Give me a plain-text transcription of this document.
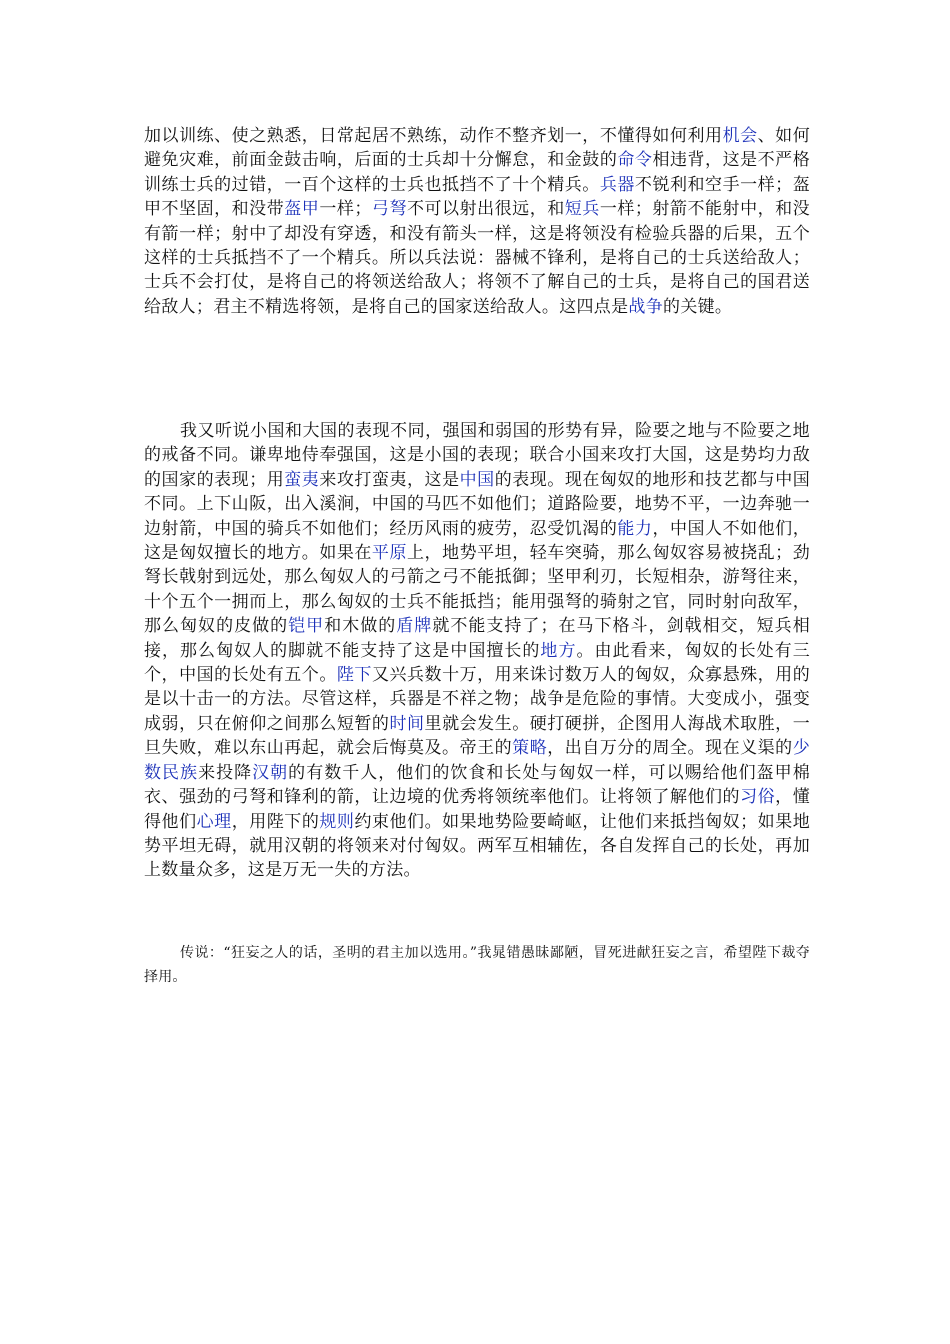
加以训练、使之熟悉，日常起居不熟练，动作不整齐划一，不懂得如何利用机会、如何避免灾难，前面金鼓击响，后面的士兵却十分懈怠，和金鼓的命令相违背，这是不严格训练士兵的过错，一百个这样的士兵也抵挡不了十个精兵。兵器不锐利和空手一样；盔甲不坚固，和没带盔甲一样；弓弩不可以射出很远，和短兵一样；射箭不能射中，和没有箭一样；射中了却没有穿透，和没有箭头一样，这是将领没有检验兵器的后果，五个这样的士兵抵挡不了一个精兵。所以兵法说：器械不锋利，是将自己的士兵送给敌人；士兵不会打仗，是将自己的将领送给敌人；将领不了解自己的士兵，是将自己的国君送给敌人；君主不精选将领，是将自己的国家送给敌人。这四点是战争的关键。

我又听说小国和大国的表现不同，强国和弱国的形势有异，险要之地与不险要之地的戒备不同。谦卑地侍奉强国，这是小国的表现；联合小国来攻打大国，这是势均力敌的国家的表现；用蛮夷来攻打蛮夷，这是中国的表现。现在匈奴的地形和技艺都与中国不同。上下山阪，出入溪涧，中国的马匹不如他们；道路险要，地势不平，一边奔驰一边射箭，中国的骑兵不如他们；经历风雨的疲劳，忍受饥渴的能力，中国人不如他们，这是匈奴擅长的地方。如果在平原上，地势平坦，轻车突骑，那么匈奴容易被挠乱；劲弩长戟射到远处，那么匈奴人的弓箭之弓不能抵御；坚甲利刃，长短相杂，游弩往来，十个五个一拥而上，那么匈奴的士兵不能抵挡；能用强弩的骑射之官，同时射向敌军，那么匈奴的皮做的铠甲和木做的盾牌就不能支持了；在马下格斗，剑戟相交，短兵相接，那么匈奴人的脚就不能支持了这是中国擅长的地方。由此看来，匈奴的长处有三个，中国的长处有五个。陛下又兴兵数十万，用来诛讨数万人的匈奴，众寡悬殊，用的是以十击一的方法。尽管这样，兵器是不祥之物；战争是危险的事情。大变成小，强变成弱，只在俯仰之间那么短暂的时间里就会发生。硬打硬拼，企图用人海战术取胜，一旦失败，难以东山再起，就会后悔莫及。帝王的策略，出自万分的周全。现在义渠的少数民族来投降汉朝的有数千人，他们的饮食和长处与匈奴一样，可以赐给他们盔甲棉衣、强劲的弓弩和锋利的箭，让边境的优秀将领统率他们。让将领了解他们的习俗，懂得他们心理，用陛下的规则约束他们。如果地势险要崎岖，让他们来抵挡匈奴；如果地势平坦无碍，就用汉朝的将领来对付匈奴。两军互相辅佐，各自发挥自己的长处，再加上数量众多，这是万无一失的方法。

传说：“狂妄之人的话，圣明的君主加以选用。”我晁错愚昧鄙陋，冒死进献狂妄之言，希望陛下裁夺择用。
